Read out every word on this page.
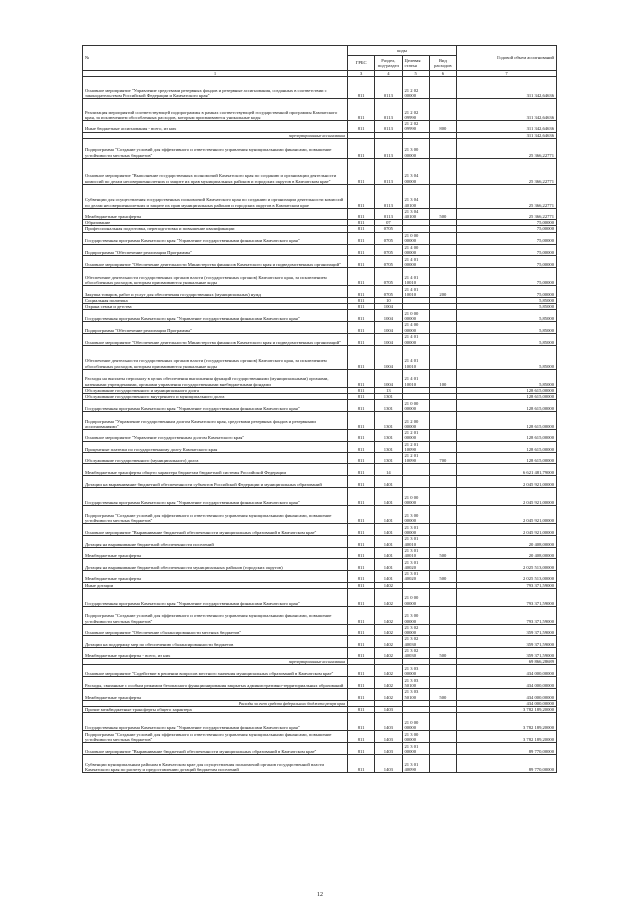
№	коды				Годовой объем ассигнований
	ГРБС	Раздел, под-раздел	Целевая статья	Вид расходов	
1	3	4	5	6	7
Основное мероприятие "Управление средствами резервных фондов и резервные ассигнования, созданных в соответствии с законодательством Российской Федерации и Камчатского края"	811	0113	21 2 02 00000		311 342,64636
Реализация мероприятий соответствующей подпрограммы в рамках соответствующей государственной программы Камчатского края, за исключением обособленных расходов, которым присваиваются уникальные коды	811	0113	21 2 02 09990		311 342,64636
Иные бюджетные ассигнования - всего, из них	811	0113	21 2 02 09990	800	311 342,64636
зарезервированные ассигнования					311 342,64636
Подпрограмма "Создание условий для эффективного и ответственного управления муниципальными финансами, повышение устойчивости местных бюджетов"	811	0113	21 3 00 00000		25 366,22771
Основное мероприятие "Выполнение государственных полномочий Камчатского края по созданию и организации деятельности комиссий по делам несовершеннолетних и защите их прав муниципальных районов и городских округов в Камчатском крае"	811	0113	21 3 04 00000		25 366,22771
Субвенции для осуществления государственных полномочий Камчатского края по созданию и организации деятельности комиссий по делам несовершеннолетних и защите их прав муниципальных районов и городских округов в Камчатском крае	811	0113	21 3 04 40100		25 366,22771
Межбюджетные трансферты	811	0113	21 3 04 40100	500	25 366,22771
Образование	811	07			75,00000
Профессиональная подготовка, переподготовка и повышение квалификации	811	0705			75,00000
Государственная программа Камчатского края "Управление государственными финансами Камчатского края"	811	0705	21 0 00 00000		75,00000
Подпрограмма "Обеспечение реализации Программы"	811	0705	21 4 00 00000		75,00000
Основное мероприятие "Обеспечение деятельности Министерства финансов Камчатского края и подведомственных организаций"	811	0705	21 4 01 00000		75,00000
Обеспечение деятельности государственных органов власти (государственных органов) Камчатского края, за исключением обособленных расходов, которым присваиваются уникальные коды	811	0705	21 4 01 10010		75,00000
Закупка товаров, работ и услуг для обеспечения государственных (муниципальных) нужд	811	0705	21 4 01 10010	200	75,00000
Социальная политика	811	10			5,85000
Охрана семьи и детства	811	1004			5,85000
Государственная программа Камчатского края "Управление государственными финансами Камчатского края"	811	1004	21 0 00 00000		5,85000
Подпрограмма "Обеспечение реализации Программы"	811	1004	21 4 00 00000		5,85000
Основное мероприятие "Обеспечение деятельности Министерства финансов Камчатского края и подведомственных организаций"	811	1004	21 4 01 00000		5,85000
Обеспечение деятельности государственных органов власти (государственных органов) Камчатского края, за исключением обособленных расходов, которым присваиваются уникальные коды	811	1004	21 4 01 10010		5,85000
Расходы на выплаты персоналу в целях обеспечения выполнения функций государственными (муниципальными) органами, казенными учреждениями, органами управления государственными внебюджетными фондами	811	1004	21 4 01 10010	100	5,85000
Обслуживание государственного и муниципального долга	811	13			128 615,00000
Обслуживание государственного внутреннего и муниципального долга	811	1301			128 615,00000
Государственная программа Камчатского края "Управление государственными финансами Камчатского края"	811	1301	21 0 00 00000		128 615,00000
Подпрограмма "Управление государственным долгом Камчатского края, средствами резервных фондов и резервными ассигнованиями"	811	1301	21 2 00 00000		128 615,00000
Основное мероприятие "Управление государственным долгом Камчатского края"	811	1301	21 2 01 00000		128 615,00000
Процентные платежи по государственному долгу Камчатского края	811	1301	21 2 01 10090		128 615,00000
Обслуживание государственного (муниципального) долга	811	1301	21 2 01 10090	700	128 615,00000
Межбюджетные трансферты общего характера бюджетам бюджетной системы Российской Федерации	811	14			6 621 481,79000
Дотации на выравнивание бюджетной обеспеченности субъектов Российской Федерации и муниципальных образований	811	1401			2 045 921,00000
Государственная программа Камчатского края "Управление государственными финансами Камчатского края"	811	1401	21 0 00 00000		2 045 921,00000
Подпрограмма "Создание условий для эффективного и ответственного управления муниципальными финансами, повышение устойчивости местных бюджетов"	811	1401	21 3 00 00000		2 045 921,00000
Основное мероприятие "Выравнивание бюджетной обеспеченности муниципальных образований в Камчатском крае"	811	1401	21 3 01 00000		2 045 921,00000
Дотация на выравнивание бюджетной обеспеченности поселений	811	1401	21 3 01 40010		20 408,00000
Межбюджетные трансферты	811	1401	21 3 01 40010	500	20 408,00000
Дотация на выравнивание бюджетной обеспеченности муниципальных районов (городских округов)	811	1401	21 3 01 40020		2 025 513,00000
Межбюджетные трансферты	811	1401	21 3 01 40020	500	2 025 513,00000
Иные дотации	811	1402			793 371,59000
Государственная программа Камчатского края "Управление государственными финансами Камчатского края"	811	1402	21 0 00 00000		793 371,59000
Подпрограмма "Создание условий для эффективного и ответственного управления муниципальными финансами, повышение устойчивости местных бюджетов"	811	1402	21 3 00 00000		793 371,59000
Основное мероприятие "Обеспечение сбалансированности местных бюджетов"	811	1402	21 3 02 00000		359 371,59000
Дотации на поддержку мер по обеспечению сбалансированности бюджетов	811	1402	21 3 02 40030		359 371,59000
Межбюджетные трансферты - всего, из них	811	1402	21 3 02 40030	500	359 371,59000
зарезервированные ассигнования					69 866,28689
Основное мероприятие "Содействие в решении вопросов местного значения муниципальных образований в Камчатском крае"	811	1402	21 3 03 00000		434 000,00000
Расходы, связанные с особым режимом безопасного функционирования закрытых административно-территориальных образований	811	1402	21 3 03 50100		434 000,00000
Межбюджетные трансферты	811	1402	21 3 03 50100	500	434 000,00000
Расходы за счет средств федерального бюджета резерв края					434 000,00000
Прочие межбюджетные трансферты общего характера	811	1403			3 782 189,20000
Государственная программа Камчатского края "Управление государственными финансами Камчатского края"	811	1403	21 0 00 00000		3 782 189,20000
Подпрограмма "Создание условий для эффективного и ответственного управления муниципальными финансами, повышение устойчивости местных бюджетов"	811	1403	21 3 00 00000		3 782 189,20000
Основное мероприятие "Выравнивание бюджетной обеспеченности муниципальных образований в Камчатском крае"	811	1403	21 3 01 00000		89 770,00000
Субвенции муниципальным районам в Камчатском крае для осуществления полномочий органов государственной власти Камчатского края по расчету и предоставлению дотаций бюджетам поселений	811	1403	21 3 01 40090		89 770,00000
12
